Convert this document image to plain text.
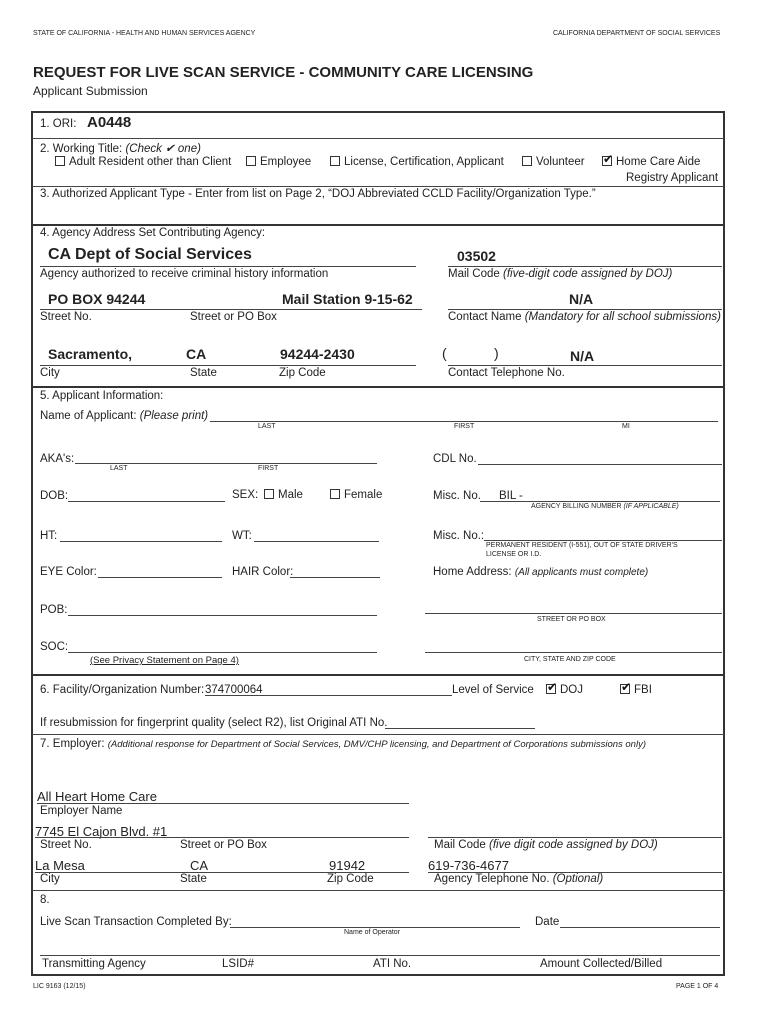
STATE OF CALIFORNIA - HEALTH AND HUMAN SERVICES AGENCY	CALIFORNIA DEPARTMENT OF SOCIAL SERVICES
REQUEST FOR LIVE SCAN SERVICE - COMMUNITY CARE LICENSING
Applicant Submission
1. ORI: A0448
2. Working Title: (Check ✔ one)
Adult Resident other than Client	Employee	License, Certification, Applicant	Volunteer ✔	Home Care Aide
Registry Applicant
3. Authorized Applicant Type - Enter from list on Page 2, “DOJ Abbreviated CCLD Facility/Organization Type.”
4. Agency Address Set Contributing Agency:
CA Dept of Social Services
Agency authorized to receive criminal history information
03502
Mail Code (five-digit code assigned by DOJ)
PO BOX 94244	Mail Station 9-15-62
Street No.	Street or PO Box
N/A
Contact Name (Mandatory for all school submissions)
Sacramento,	CA	94244-2430
City	State	Zip Code
(	)	N/A
Contact Telephone No.
5. Applicant Information:
Name of Applicant: (Please print)
LAST	FIRST	MI
AKA's:
LAST	FIRST
CDL No.
DOB:	SEX:	Male	Female	Misc. No. BIL -
AGENCY BILLING NUMBER (IF APPLICABLE)
HT:	WT:	Misc. No.:
PERMANENT RESIDENT (I-551), OUT OF STATE DRIVER'S
LICENSE OR I.D.
EYE Color:	HAIR Color:	Home Address: (All applicants must complete)
POB:
STREET OR PO BOX
SOC:
(See Privacy Statement on Page 4)	CITY, STATE AND ZIP CODE
6. Facility/Organization Number: 374700064	Level of Service ✔	DOJ ✔	FBI
If resubmission for fingerprint quality (select R2), list Original ATI No.
7. Employer: (Additional response for Department of Social Services, DMV/CHP licensing, and Department of Corporations submissions only)
All Heart Home Care
Employer Name
7745 El Cajon Blvd. #1
Street No.	Street or PO Box	Mail Code (five digit code assigned by DOJ)
La Mesa	CA	91942
City	State	Zip Code
619-736-4677
Agency Telephone No. (Optional)
8.
Live Scan Transaction Completed By:
Name of Operator
Date
Transmitting Agency	LSID#	ATI No.	Amount Collected/Billed
LIC 9163 (12/15)	PAGE 1 OF 4
